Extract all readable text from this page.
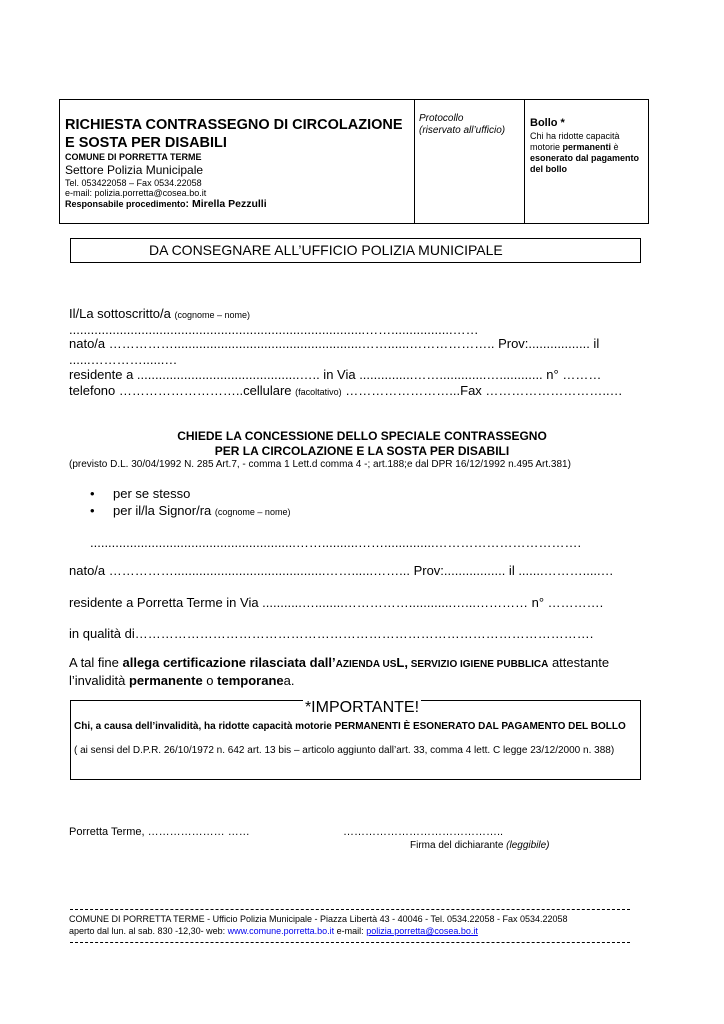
RICHIESTA CONTRASSEGNO DI CIRCOLAZIONE E SOSTA PER DISABILI
COMUNE DI PORRETTA TERME
Settore Polizia Municipale
Tel. 053422058 – Fax 0534.22058
e-mail: polizia.porretta@cosea.bo.it
Responsabile procedimento: Mirella Pezzulli
Protocollo
(riservato all’ufficio)
Bollo *
Chi ha ridotte capacità motorie permanenti è esonerato dal pagamento del bollo
DA CONSEGNARE ALL’UFFICIO POLIZIA MUNICIPALE
Il/La sottoscritto/a (cognome – nome)
..................................................................................…….................……
nato/a ……………....................................................……......……………….. Prov:................. il
......…………......…
residente a .............................................….. in Via ...............…….............…............ n° ………
telefono ………………………..cellulare (facoltativo) ……………………...Fax ………………………..…
CHIEDE LA CONCESSIONE DELLO SPECIALE CONTRASSEGNO
PER LA CIRCOLAZIONE E LA SOSTA PER DISABILI
(previsto D.L. 30/04/1992 N. 285 Art.7, - comma 1 Lett.d comma 4 -; art.188;e dal DPR 16/12/1992 n.495 Art.381)
• per se stesso
• per il/la Signor/ra (cognome – nome)
.........................................................……..........……..............…………………………….
nato/a ……………..........................................……......……... Prov:................. il .......……….....…
residente a Porretta Terme in Via ...........…........……………............…...………… n° ………….
in qualità di…………………………………………………………………………………………….
A tal fine allega certificazione rilasciata dall’AZIENDA USL, SERVIZIO IGIENE PUBBLICA attestante
l’invalidità permanente o temporanea.
*IMPORTANTE!
Chi, a causa dell’invalidità, ha ridotte capacità motorie PERMANENTI È ESONERATO DAL PAGAMENTO DEL BOLLO
( ai sensi del D.P.R. 26/10/1972 n. 642 art. 13 bis – articolo aggiunto dall’art. 33, comma 4 lett. C legge 23/12/2000 n. 388)
Porretta Terme, ………………… ……	……………………………………..
Firma del dichiarante (leggibile)
COMUNE DI PORRETTA TERME - Ufficio Polizia Municipale - Piazza Libertà 43 - 40046 - Tel. 0534.22058 - Fax 0534.22058
aperto dal lun. al sab. 830 -12,30- web: www.comune.porretta.bo.it e-mail: polizia.porretta@cosea.bo.it
